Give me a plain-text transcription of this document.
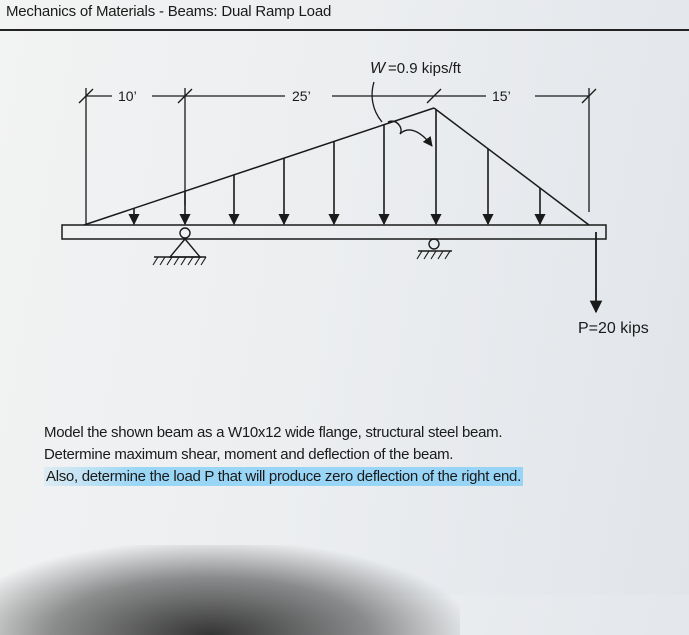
Mechanics of Materials - Beams: Dual Ramp Load
10’	25’	15’
W =0.9 kips/ft
P=20 kips

Model the shown beam as a W10x12 wide flange, structural steel beam.

Determine maximum shear, moment and deflection of the beam.

Also, determine the load P that will produce zero deflection of the right end.
